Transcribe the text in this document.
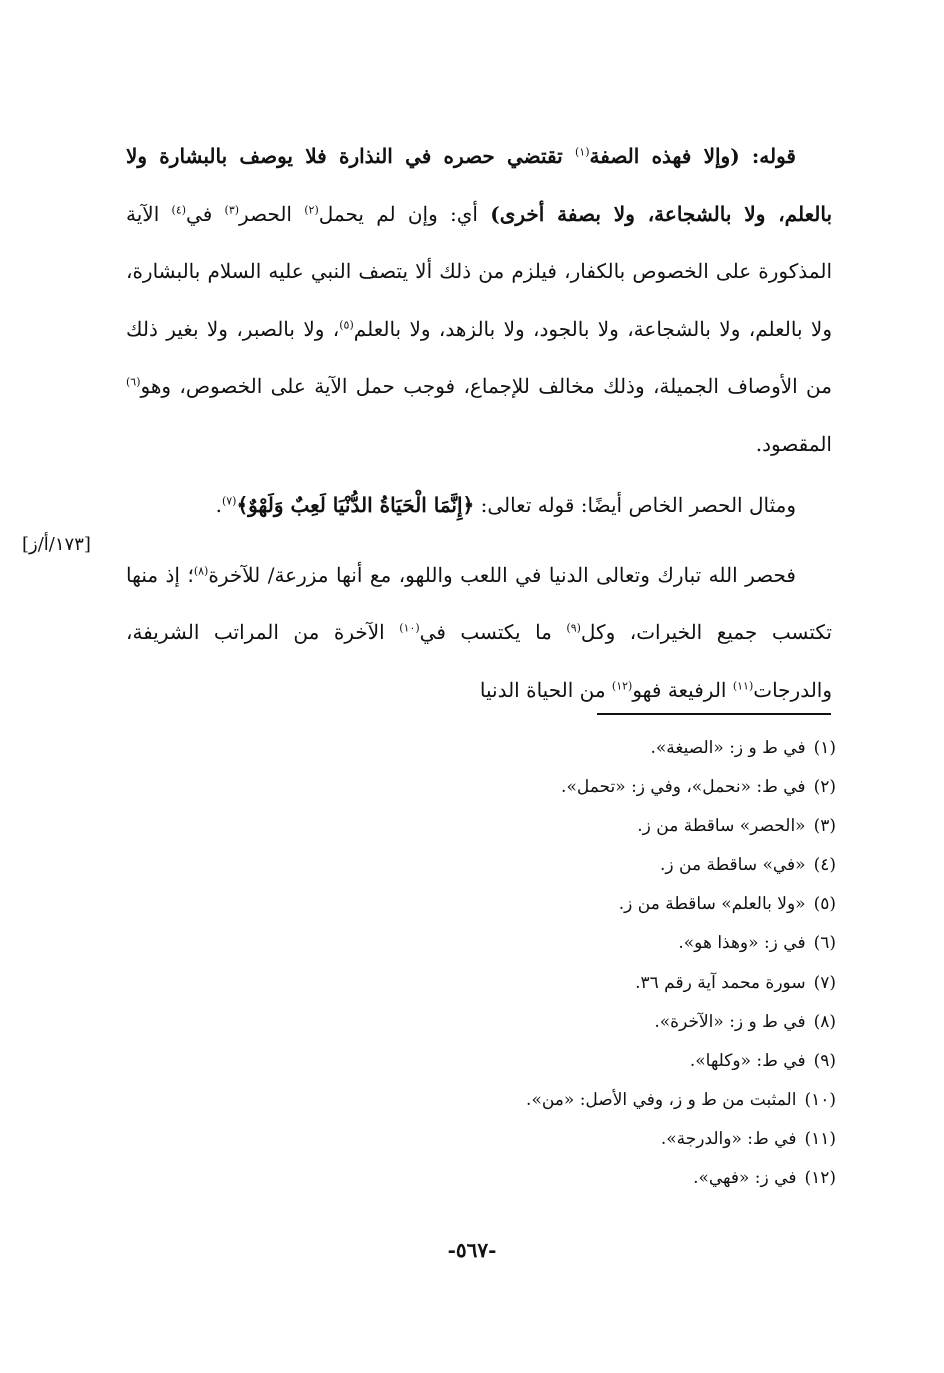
قوله: (وإلا فهذه الصفة$^{(١)}$ تقتضي حصره في النذارة فلا يوصف بالبشارة ولا بالعلم، ولا بالشجاعة، ولا بصفة أخرى) أي: وإن لم يحمل$^{(٢)}$ الحصر$^{(٣)}$ في$^{(٤)}$ الآية المذكورة على الخصوص بالكفار، فيلزم من ذلك ألا يتصف النبي عليه السلام بالبشارة، ولا بالعلم، ولا بالشجاعة، ولا بالجود، ولا بالزهد، ولا بالعلم$^{(٥)}$، ولا بالصبر، ولا بغير ذلك من الأوصاف الجميلة، وذلك مخالف للإجماع، فوجب حمل الآية على الخصوص، وهو$^{(٦)}$ المقصود.

ومثال الحصر الخاص أيضًا: قوله تعالى: ﴿إِنَّمَا الْحَيَاةُ الدُّنْيَا لَعِبٌ وَلَهْوٌ﴾$^{(٧)}$.

فحصر الله تبارك وتعالى الدنيا في اللعب واللهو، مع أنها مزرعة/ للآخرة$^{(٨)}$؛ إذ منها تكتسب جميع الخيرات، وكل$^{(٩)}$ ما يكتسب في$^{(١٠)}$ الآخرة من المراتب الشريفة، والدرجات$^{(١١)}$ الرفيعة فهو$^{(١٢)}$ من الحياة الدنيا

[١٧٣/أ/ز]
(١)في ط و ز: «الصيغة».
(٢)في ط: «نحمل»، وفي ز: «تحمل».
(٣)«الحصر» ساقطة من ز.
(٤)«في» ساقطة من ز.
(٥)«ولا بالعلم» ساقطة من ز.
(٦)في ز: «وهذا هو».
(٧)سورة محمد آية رقم ٣٦.
(٨)في ط و ز: «الآخرة».
(٩)في ط: «وكلها».
(١٠)المثبت من ط و ز، وفي الأصل: «من».
(١١)في ط: «والدرجة».
(١٢)في ز: «فهي».
-٥٦٧-
